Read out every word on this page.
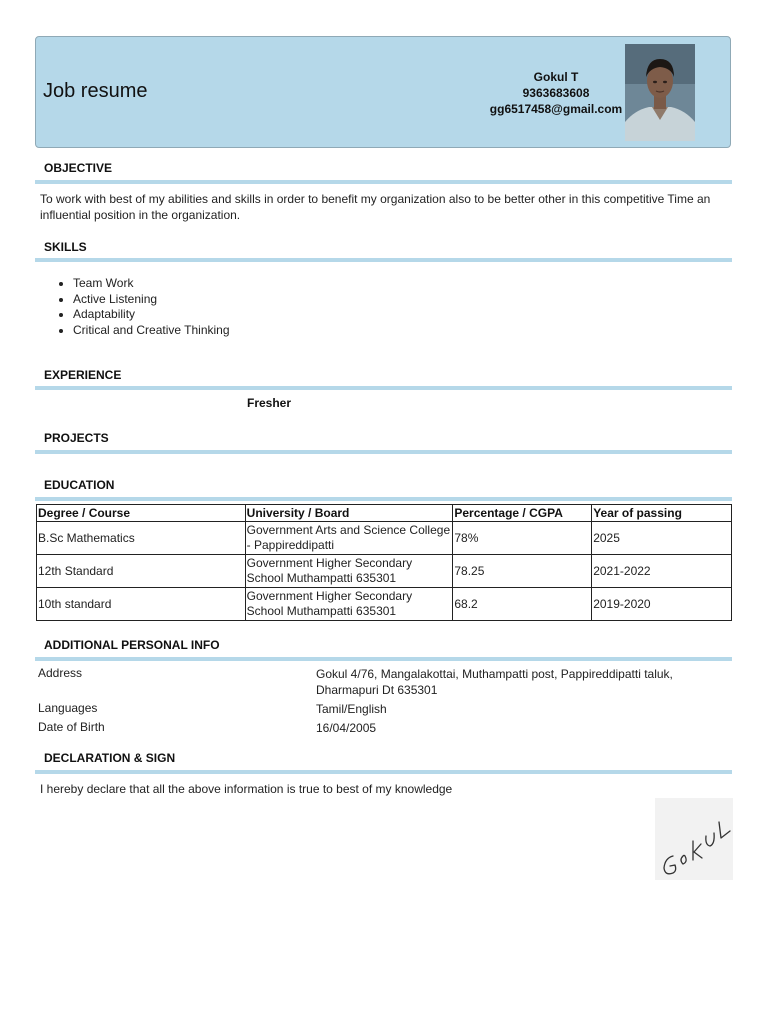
Job resume
Gokul T
9363683608
gg6517458@gmail.com
OBJECTIVE
To work with best of my abilities and skills in order to benefit my organization also to be better other in this competitive Time an influential position in the organization.
SKILLS
• Team Work
• Active Listening
• Adaptability
• Critical and Creative Thinking
EXPERIENCE
Fresher
PROJECTS
EDUCATION
Degree / Course	University / Board	Percentage / CGPA	Year of passing
B.Sc Mathematics	Government Arts and Science College - Pappireddipatti	78%	2025
12th Standard	Government Higher Secondary School Muthampatti 635301	78.25	2021-2022
10th standard	Government Higher Secondary School Muthampatti 635301	68.2	2019-2020
ADDITIONAL PERSONAL INFO
Address	Gokul 4/76, Mangalakottai, Muthampatti post, Pappireddipatti taluk, Dharmapuri Dt 635301
Languages	Tamil/English
Date of Birth	16/04/2005
DECLARATION & SIGN
I hereby declare that all the above information is true to best of my knowledge
